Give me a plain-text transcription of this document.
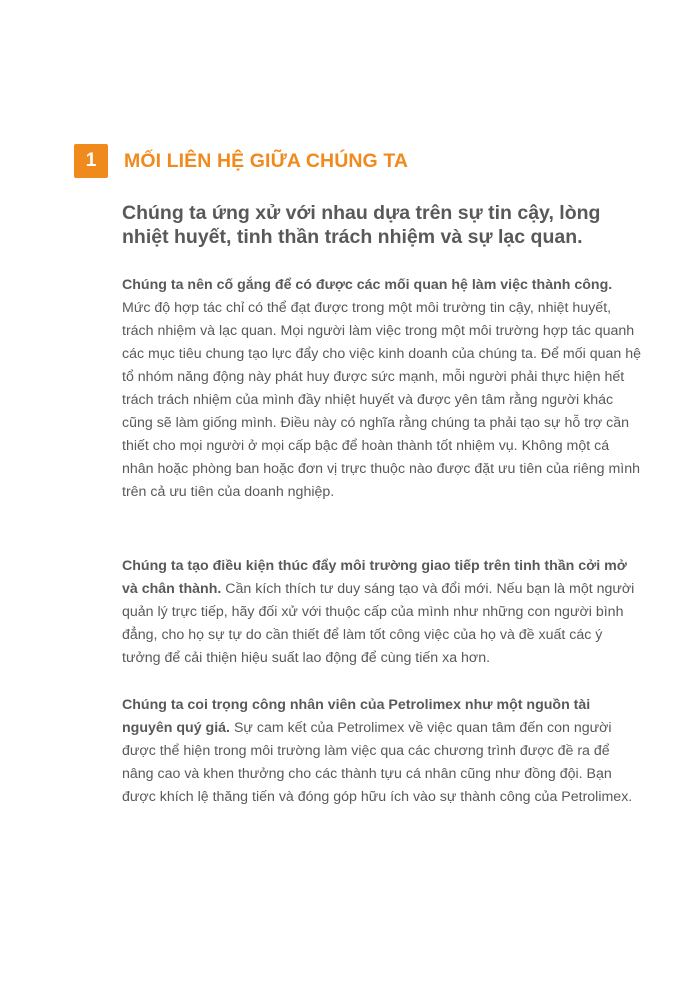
1	MỐI LIÊN HỆ GIỮA CHÚNG TA

Chúng ta ứng xử với nhau dựa trên sự tin cậy, lòng nhiệt huyết, tinh thần trách nhiệm và sự lạc quan.

Chúng ta nên cố gắng để có được các mối quan hệ làm việc thành công. Mức độ hợp tác chỉ có thể đạt được trong một môi trường tin cậy, nhiệt huyết, trách nhiệm và lạc quan. Mọi người làm việc trong một môi trường hợp tác quanh các mục tiêu chung tạo lực đẩy cho việc kinh doanh của chúng ta. Để mối quan hệ tổ nhóm năng động này phát huy được sức mạnh, mỗi người phải thực hiện hết trách trách nhiệm của mình đầy nhiệt huyết và được yên tâm rằng người khác cũng sẽ làm giống mình. Điều này có nghĩa rằng chúng ta phải tạo sự hỗ trợ cần thiết cho mọi người ở mọi cấp bậc để hoàn thành tốt nhiệm vụ. Không một cá nhân hoặc phòng ban hoặc đơn vị trực thuộc nào được đặt ưu tiên của riêng mình trên cả ưu tiên của doanh nghiệp.

Chúng ta tạo điều kiện thúc đẩy môi trường giao tiếp trên tinh thần cởi mở và chân thành. Cần kích thích tư duy sáng tạo và đổi mới. Nếu bạn là một người quản lý trực tiếp, hãy đối xử với thuộc cấp của mình như những con người bình đẳng, cho họ sự tự do cần thiết để làm tốt công việc của họ và đề xuất các ý tưởng để cải thiện hiệu suất lao động để cùng tiến xa hơn.

Chúng ta coi trọng công nhân viên của Petrolimex như một nguồn tài nguyên quý giá. Sự cam kết của Petrolimex về việc quan tâm đến con người được thể hiện trong môi trường làm việc qua các chương trình được đề ra để nâng cao và khen thưởng cho các thành tựu cá nhân cũng như đồng đội. Bạn được khích lệ thăng tiến và đóng góp hữu ích vào sự thành công của Petrolimex.
